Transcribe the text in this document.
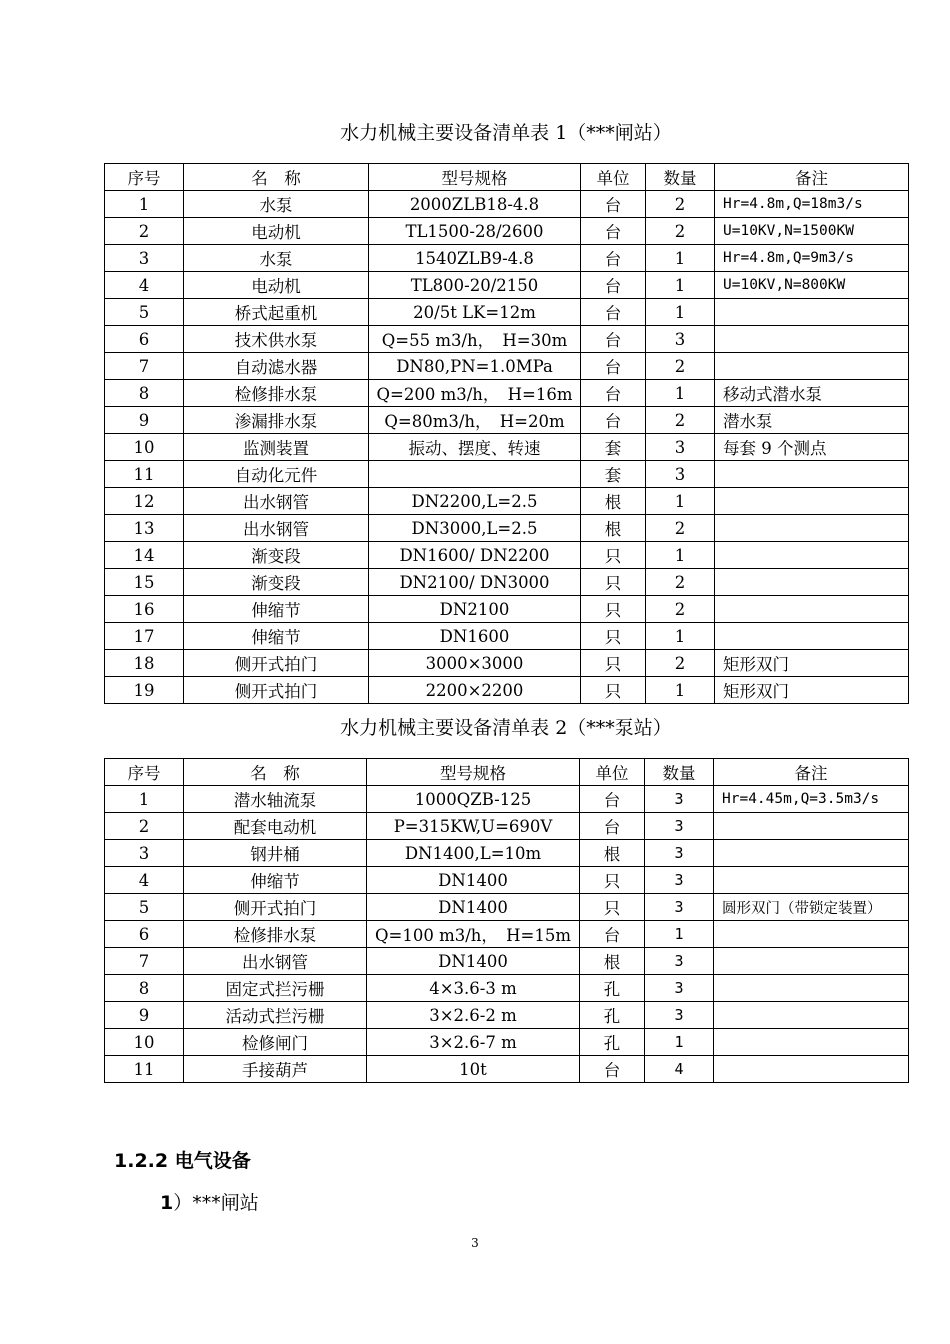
水力机械主要设备清单表 1（***闸站）
序号	名　称	型号规格	单位	数量	备注
1	水泵	2000ZLB18-4.8	台	2	Hr=4.8m,Q=18m3/s
2	电动机	TL1500-28/2600	台	2	U=10KV,N=1500KW
3	水泵	1540ZLB9-4.8	台	1	Hr=4.8m,Q=9m3/s
4	电动机	TL800-20/2150	台	1	U=10KV,N=800KW
5	桥式起重机	20/5t LK=12m	台	1	
6	技术供水泵	Q=55 m3/h，　H=30m	台	3	
7	自动滤水器	DN80,PN=1.0MPa	台	2	
8	检修排水泵	Q=200 m3/h，　H=16m	台	1	移动式潜水泵
9	渗漏排水泵	Q=80m3/h，　H=20m	台	2	潜水泵
10	监测装置	振动、摆度、转速	套	3	每套 9 个测点
11	自动化元件		套	3	
12	出水钢管	DN2200,L=2.5	根	1	
13	出水钢管	DN3000,L=2.5	根	2	
14	渐变段	DN1600/ DN2200	只	1	
15	渐变段	DN2100/ DN3000	只	2	
16	伸缩节	DN2100	只	2	
17	伸缩节	DN1600	只	1	
18	侧开式拍门	3000×3000	只	2	矩形双门
19	侧开式拍门	2200×2200	只	1	矩形双门
水力机械主要设备清单表 2（***泵站）
序号	名　称	型号规格	单位	数量	备注
1	潜水轴流泵	1000QZB-125	台	3	Hr=4.45m,Q=3.5m3/s
2	配套电动机	P=315KW,U=690V	台	3	
3	钢井桶	DN1400,L=10m	根	3	
4	伸缩节	DN1400	只	3	
5	侧开式拍门	DN1400	只	3	圆形双门（带锁定装置）
6	检修排水泵	Q=100 m3/h，　H=15m	台	1	
7	出水钢管	DN1400	根	3	
8	固定式拦污栅	4×3.6-3 m	孔	3	
9	活动式拦污栅	3×2.6-2 m	孔	3	
10	检修闸门	3×2.6-7 m	孔	1	
11	手接葫芦	10t	台	4	
1.2.2 电气设备
1）***闸站
3
